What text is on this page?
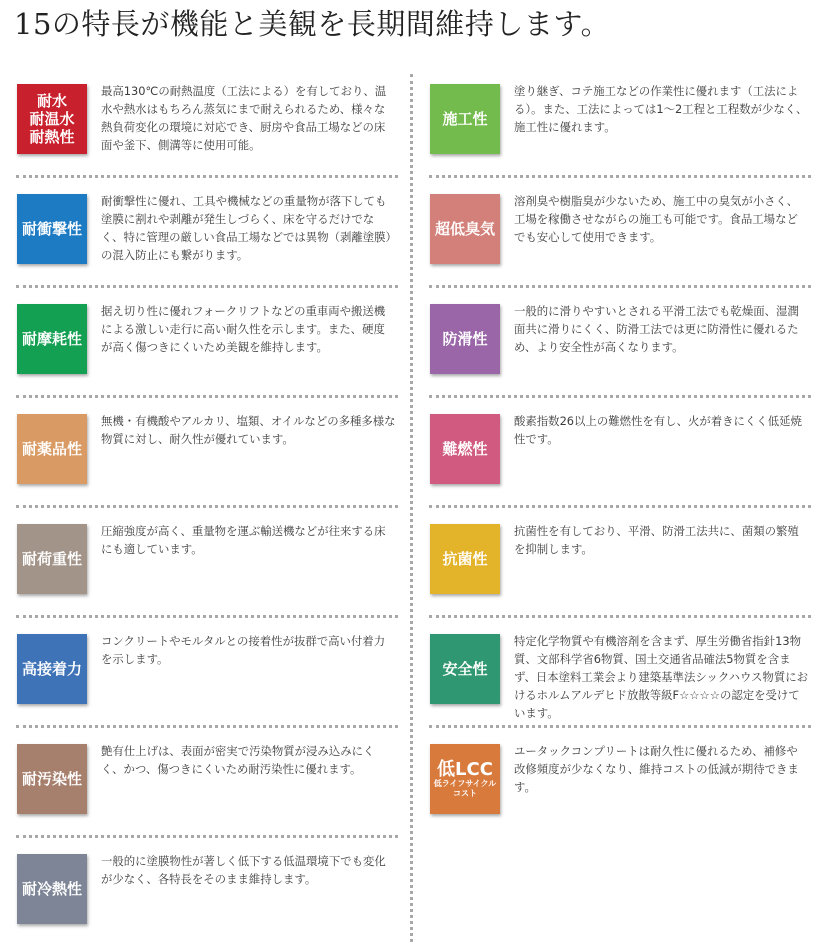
15の特長が機能と美観を長期間維持します。
耐水
耐温水
耐熱性
最高130℃の耐熱温度（工法による）を有しており、温水や熱水はもちろん蒸気にまで耐えられるため、様々な熱負荷変化の環境に対応でき、厨房や食品工場などの床面や釜下、側溝等に使用可能。
耐衝撃性
耐衝撃性に優れ、工具や機械などの重量物が落下しても塗膜に割れや剥離が発生しづらく、床を守るだけでなく、特に管理の厳しい食品工場などでは異物（剥離塗膜）の混入防止にも繋がります。
耐摩耗性
据え切り性に優れフォークリフトなどの重車両や搬送機による激しい走行に高い耐久性を示します。また、硬度が高く傷つきにくいため美観を維持します。
耐薬品性
無機・有機酸やアルカリ、塩類、オイルなどの多種多様な物質に対し、耐久性が優れています。
耐荷重性
圧縮強度が高く、重量物を運ぶ輸送機などが往来する床にも適しています。
高接着力
コンクリートやモルタルとの接着性が抜群で高い付着力を示します。
耐汚染性
艶有仕上げは、表面が密実で汚染物質が浸み込みにくく、かつ、傷つきにくいため耐汚染性に優れます。
耐冷熱性
一般的に塗膜物性が著しく低下する低温環境下でも変化が少なく、各特長をそのまま維持します。
施工性
塗り継ぎ、コテ施工などの作業性に優れます（工法による）。また、工法によっては1～2工程と工程数が少なく、施工性に優れます。
超低臭気
溶剤臭や樹脂臭が少ないため、施工中の臭気が小さく、工場を稼働させながらの施工も可能です。食品工場などでも安心して使用できます。
防滑性
一般的に滑りやすいとされる平滑工法でも乾燥面、湿潤面共に滑りにくく、防滑工法では更に防滑性に優れるため、より安全性が高くなります。
難燃性
酸素指数26以上の難燃性を有し、火が着きにくく低延焼性です。
抗菌性
抗菌性を有しており、平滑、防滑工法共に、菌類の繁殖を抑制します。
安全性
特定化学物質や有機溶剤を含まず、厚生労働省指針13物質、文部科学省6物質、国土交通省品確法5物質を含まず、日本塗料工業会より建築基準法シックハウス物質におけるホルムアルデヒド放散等級F☆☆☆☆の認定を受けています。
低LCC
低ライフサイクル
コスト
ユータックコンプリートは耐久性に優れるため、補修や改修頻度が少なくなり、維持コストの低減が期待できます。
